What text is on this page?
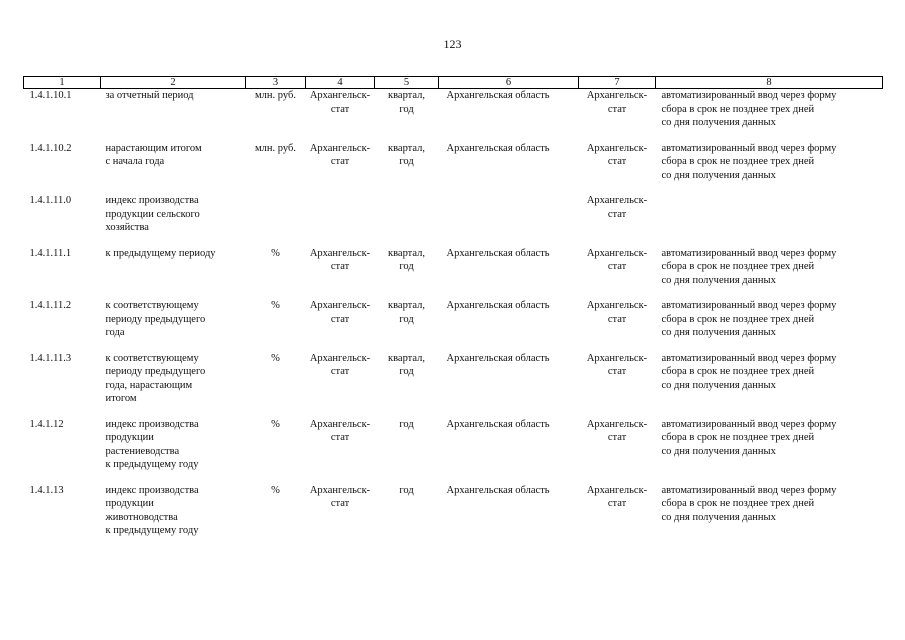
123
1	2	3	4	5	6	7	8
1.4.1.10.1	за отчетный период	млн. руб.	Архангельск-
стат	квартал,
год	Архангельская область	Архангельск-
стат	автоматизированный ввод через форму
сбора в срок не позднее трех дней
со дня получения данных

1.4.1.10.2	нарастающим итогом
с начала года	млн. руб.	Архангельск-
стат	квартал,
год	Архангельская область	Архангельск-
стат	автоматизированный ввод через форму
сбора в срок не позднее трех дней
со дня получения данных

1.4.1.11.0	индекс производства
продукции сельского
хозяйства					Архангельск-
стат	

1.4.1.11.1	к предыдущему периоду	%	Архангельск-
стат	квартал,
год	Архангельская область	Архангельск-
стат	автоматизированный ввод через форму
сбора в срок не позднее трех дней
со дня получения данных

1.4.1.11.2	к соответствующему
периоду предыдущего
года	%	Архангельск-
стат	квартал,
год	Архангельская область	Архангельск-
стат	автоматизированный ввод через форму
сбора в срок не позднее трех дней
со дня получения данных

1.4.1.11.3	к соответствующему
периоду предыдущего
года, нарастающим
итогом	%	Архангельск-
стат	квартал,
год	Архангельская область	Архангельск-
стат	автоматизированный ввод через форму
сбора в срок не позднее трех дней
со дня получения данных

1.4.1.12	индекс производства
продукции
растениеводства
к предыдущему году	%	Архангельск-
стат	год	Архангельская область	Архангельск-
стат	автоматизированный ввод через форму
сбора в срок не позднее трех дней
со дня получения данных

1.4.1.13	индекс производства
продукции
животноводства
к предыдущему году	%	Архангельск-
стат	год	Архангельская область	Архангельск-
стат	автоматизированный ввод через форму
сбора в срок не позднее трех дней
со дня получения данных
